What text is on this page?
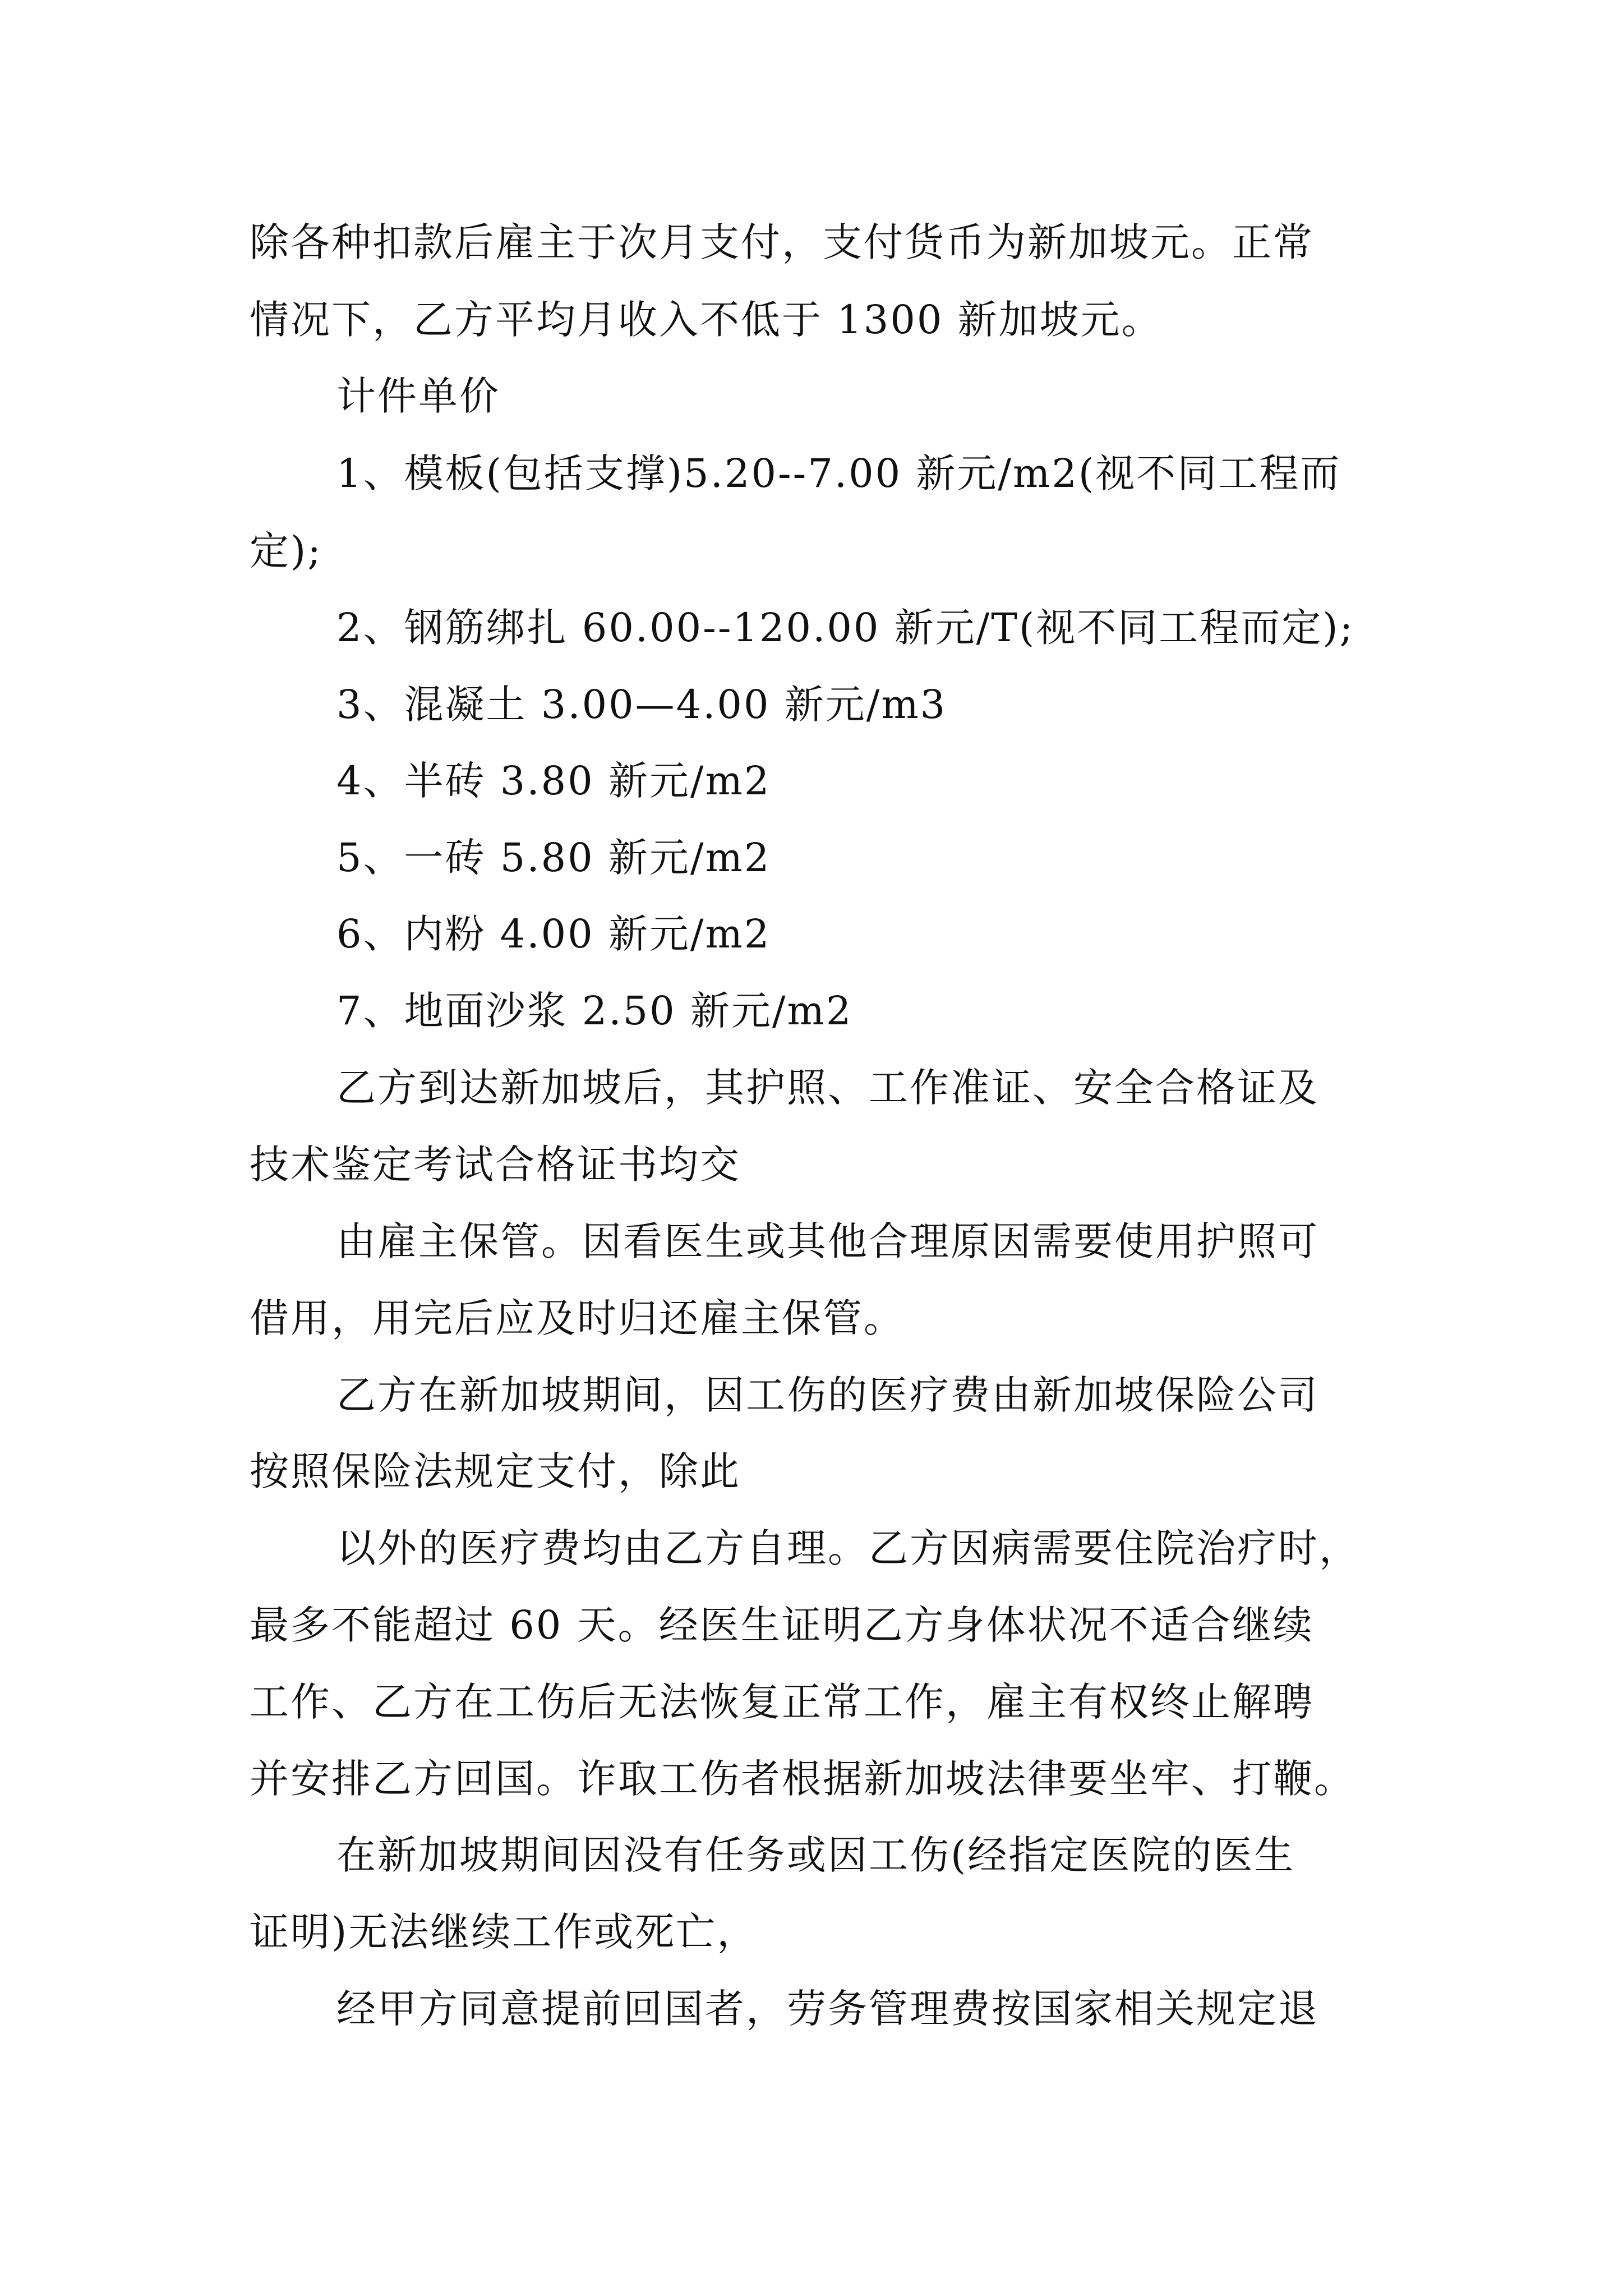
除各种扣款后雇主于次月支付，支付货币为新加坡元。正常
情况下，乙方平均月收入不低于 1300 新加坡元。
计件单价
1、模板(包括支撑)5.20--7.00 新元/m2(视不同工程而
定);
2、钢筋绑扎 60.00--120.00 新元/T(视不同工程而定);
3、混凝土 3.00—4.00 新元/m3
4、半砖 3.80 新元/m2
5、一砖 5.80 新元/m2
6、内粉 4.00 新元/m2
7、地面沙浆 2.50 新元/m2
乙方到达新加坡后，其护照、工作准证、安全合格证及
技术鉴定考试合格证书均交
由雇主保管。因看医生或其他合理原因需要使用护照可
借用，用完后应及时归还雇主保管。
乙方在新加坡期间，因工伤的医疗费由新加坡保险公司
按照保险法规定支付，除此
以外的医疗费均由乙方自理。乙方因病需要住院治疗时，
最多不能超过 60 天。经医生证明乙方身体状况不适合继续
工作、乙方在工伤后无法恢复正常工作，雇主有权终止解聘
并安排乙方回国。诈取工伤者根据新加坡法律要坐牢、打鞭。
在新加坡期间因没有任务或因工伤(经指定医院的医生
证明)无法继续工作或死亡，
经甲方同意提前回国者，劳务管理费按国家相关规定退
